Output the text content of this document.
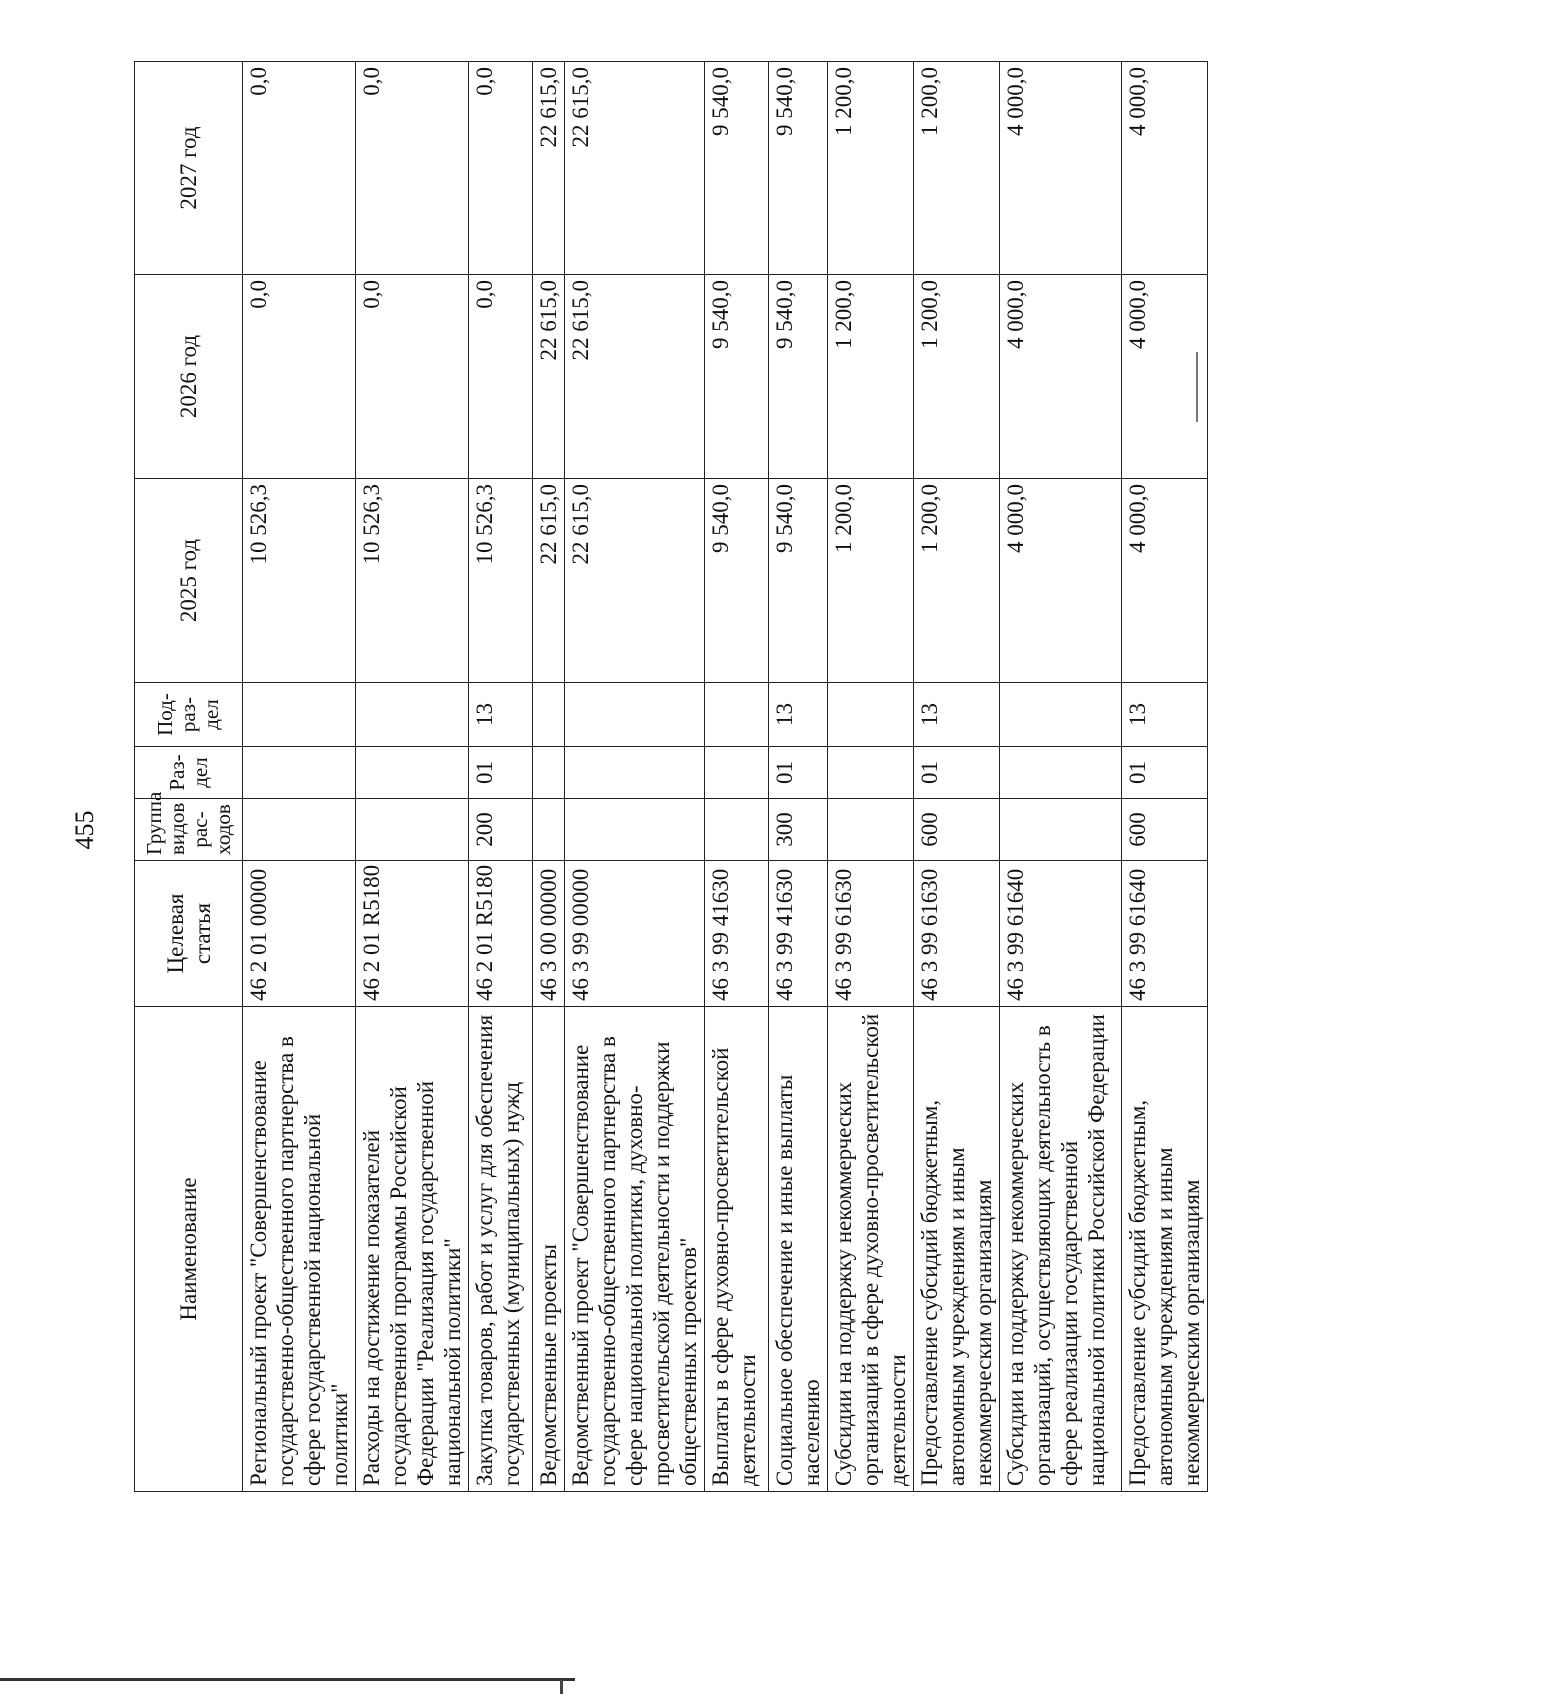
455
Наименование	Целевая статья	Группа видов рас-ходов	Раз-дел	Под-раз-дел	2025 год	2026 год	2027 год
Региональный проект "Совершенствование государственно-общественного партнерства в сфере государственной национальной политики"	46 2 01 00000				10 526,3	0,0	0,0
Расходы на достижение показателей государственной программы Российской Федерации "Реализация государственной национальной политики"	46 2 01 R5180				10 526,3	0,0	0,0
Закупка товаров, работ и услуг для обеспечения государственных (муниципальных) нужд	46 2 01 R5180	200	01	13	10 526,3	0,0	0,0
Ведомственные проекты	46 3 00 00000				22 615,0	22 615,0	22 615,0
Ведомственный проект "Совершенствование государственно-общественного партнерства в сфере национальной политики, духовно-просветительской деятельности и поддержки общественных проектов"	46 3 99 00000				22 615,0	22 615,0	22 615,0
Выплаты в сфере духовно-просветительской деятельности	46 3 99 41630				9 540,0	9 540,0	9 540,0
Социальное обеспечение и иные выплаты населению	46 3 99 41630	300	01	13	9 540,0	9 540,0	9 540,0
Субсидии на поддержку некоммерческих организаций в сфере духовно-просветительской деятельности	46 3 99 61630				1 200,0	1 200,0	1 200,0
Предоставление субсидий бюджетным, автономным учреждениям и иным некоммерческим организациям	46 3 99 61630	600	01	13	1 200,0	1 200,0	1 200,0
Субсидии на поддержку некоммерческих организаций, осуществляющих деятельность в сфере реализации государственной национальной политики Российской Федерации	46 3 99 61640				4 000,0	4 000,0	4 000,0
Предоставление субсидий бюджетным, автономным учреждениям и иным некоммерческим организациям	46 3 99 61640	600	01	13	4 000,0	4 000,0	4 000,0
